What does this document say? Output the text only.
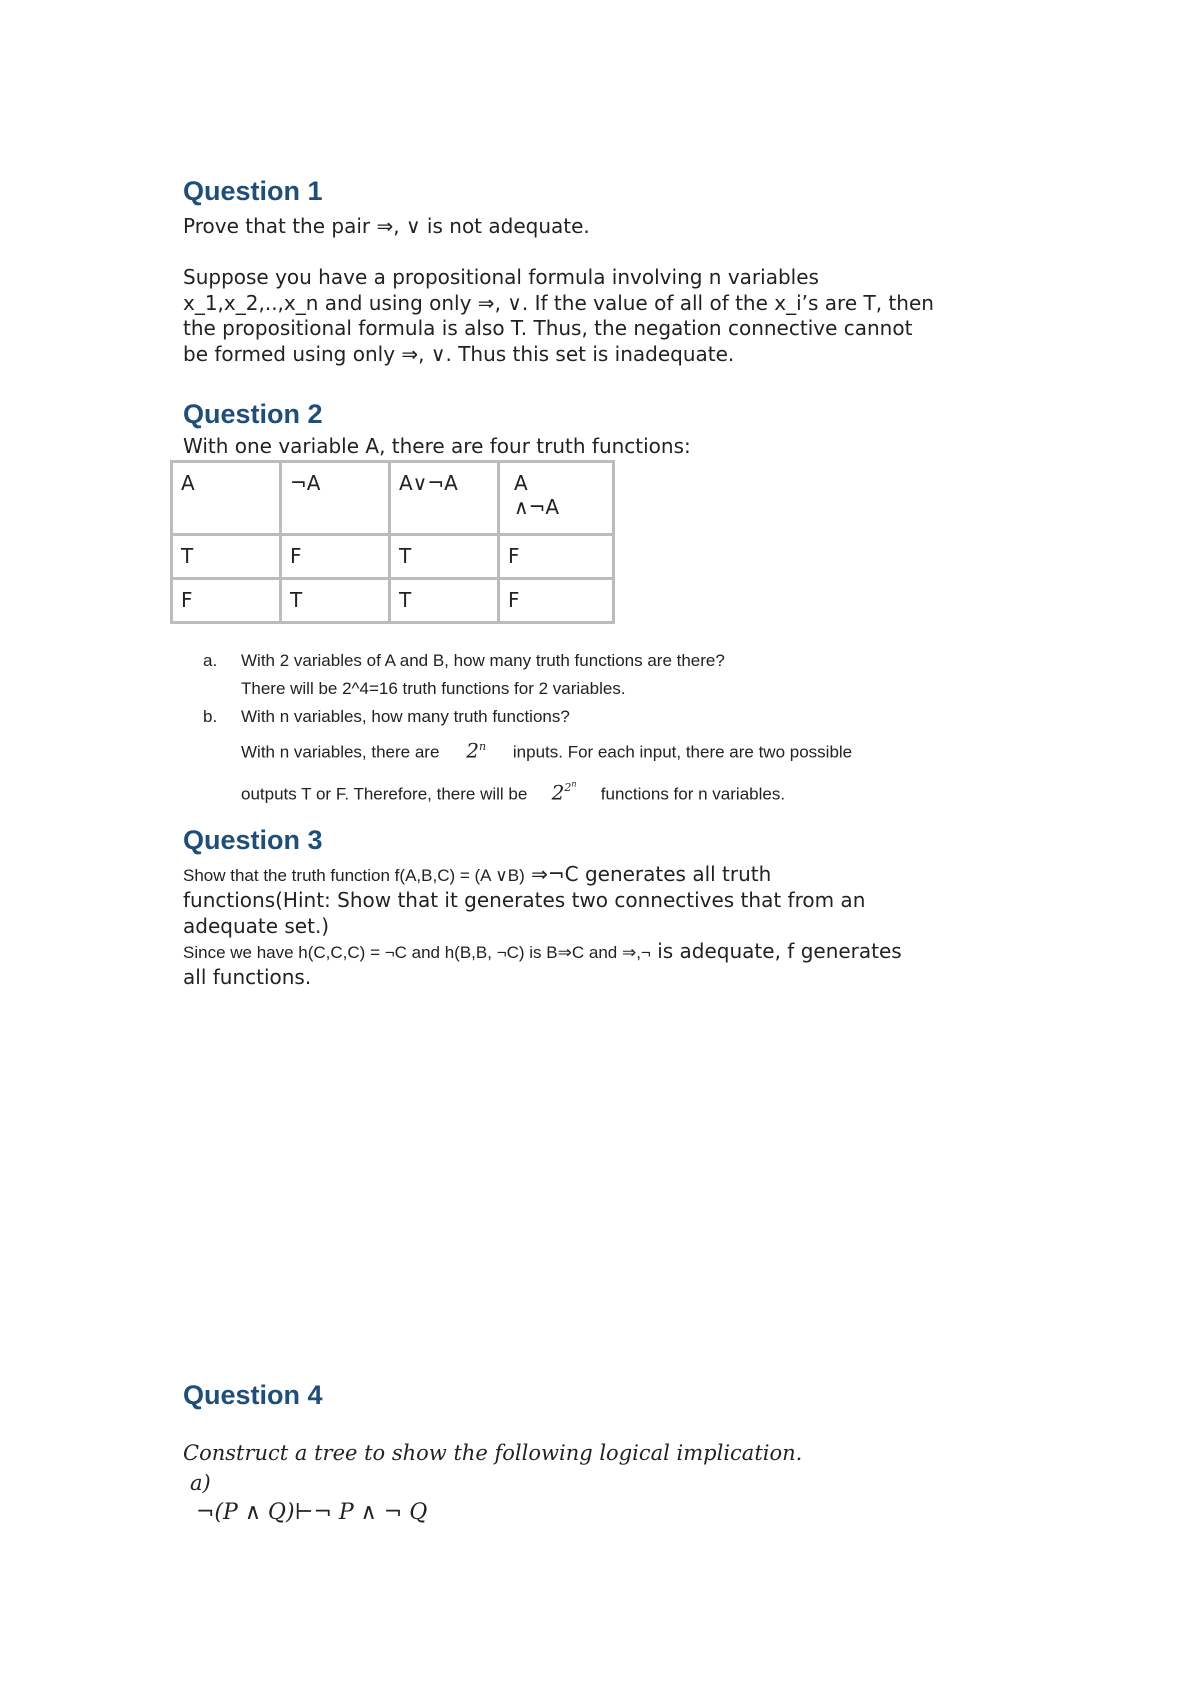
Question 1
Prove that the pair ⇒, ∨ is not adequate.
Suppose you have a propositional formula involving n variables
x_1,x_2,..,x_n and using only ⇒, ∨. If the value of all of the x_i’s are T, then
the propositional formula is also T. Thus, the negation connective cannot
be formed using only ⇒, ∨. Thus this set is inadequate.
Question 2
With one variable A, there are four truth functions:
A	¬A	A∨¬A	A
∧¬A
T	F	T	F
F	T	T	F
a. With 2 variables of A and B, how many truth functions are there?
There will be 2^4=16 truth functions for 2 variables.
b. With n variables, how many truth functions?
With n variables, there are 2$^n$ inputs. For each input, there are two possible
outputs T or F. Therefore, there will be $2^{2^n}$ functions for n variables.
Question 3
Show that the truth function f(A,B,C) = (A ∨B) ⇒¬C generates all truth
functions(Hint: Show that it generates two connectives that from an
adequate set.)
Since we have h(C,C,C) = ¬C and h(B,B, ¬C) is B⇒C and ⇒,¬ is adequate, f generates
all functions.
Question 4
Construct a tree to show the following logical implication.
a)
¬(P ∧ Q)⊢¬ P ∧ ¬ Q
